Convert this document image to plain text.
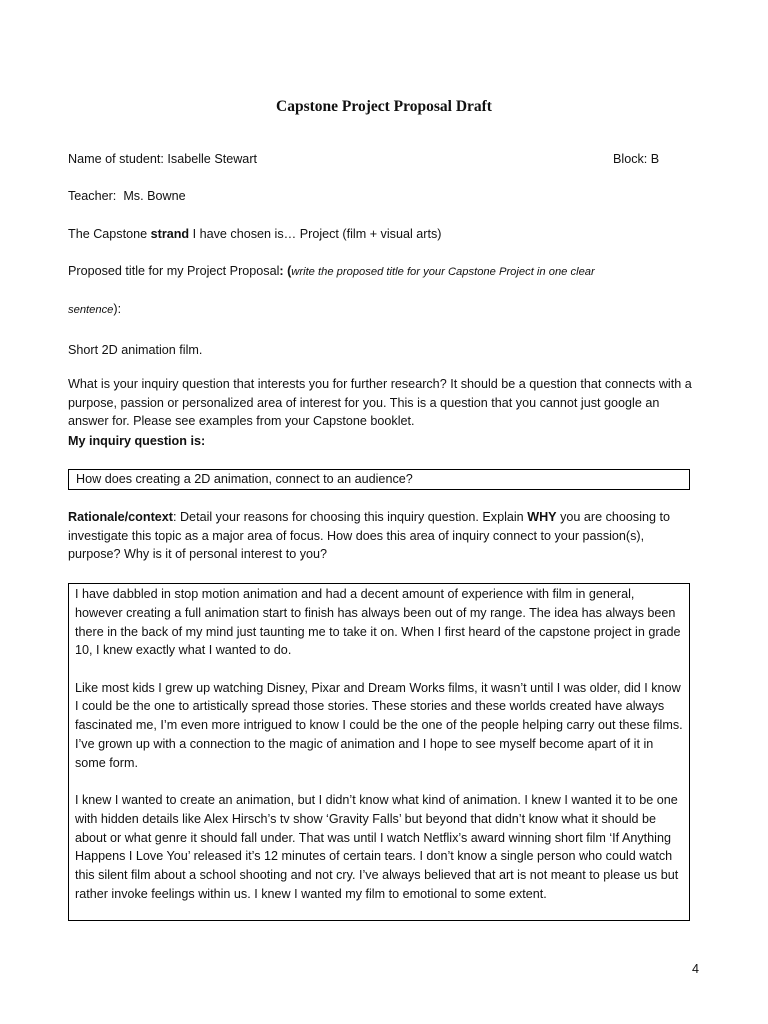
Capstone Project Proposal Draft
Name of student: Isabelle Stewart	Block: B
Teacher: Ms. Bowne
The Capstone strand I have chosen is… Project (film + visual arts)
Proposed title for my Project Proposal: (write the proposed title for your Capstone Project in one clear
sentence):
Short 2D animation film.
What is your inquiry question that interests you for further research? It should be a question that connects with a purpose, passion or personalized area of interest for you. This is a question that you cannot just google an answer for. Please see examples from your Capstone booklet.
My inquiry question is:
How does creating a 2D animation, connect to an audience?
Rationale/context: Detail your reasons for choosing this inquiry question. Explain WHY you are choosing to investigate this topic as a major area of focus. How does this area of inquiry connect to your passion(s), purpose? Why is it of personal interest to you?

I have dabbled in stop motion animation and had a decent amount of experience with film in general, however creating a full animation start to finish has always been out of my range. The idea has always been there in the back of my mind just taunting me to take it on. When I first heard of the capstone project in grade 10, I knew exactly what I wanted to do.

Like most kids I grew up watching Disney, Pixar and Dream Works films, it wasn’t until I was older, did I know I could be the one to artistically spread those stories. These stories and these worlds created have always fascinated me, I’m even more intrigued to know I could be the one of the people helping carry out these films. I’ve grown up with a connection to the magic of animation and I hope to see myself become apart of it in some form.

I knew I wanted to create an animation, but I didn’t know what kind of animation. I knew I wanted it to be one with hidden details like Alex Hirsch’s tv show ‘Gravity Falls’ but beyond that didn’t know what it should be about or what genre it should fall under. That was until I watch Netflix’s award winning short film ‘If Anything Happens I Love You’ released it’s 12 minutes of certain tears. I don’t know a single person who could watch this silent film about a school shooting and not cry. I’ve always believed that art is not meant to please us but rather invoke feelings within us. I knew I wanted my film to emotional to some extent.

4
